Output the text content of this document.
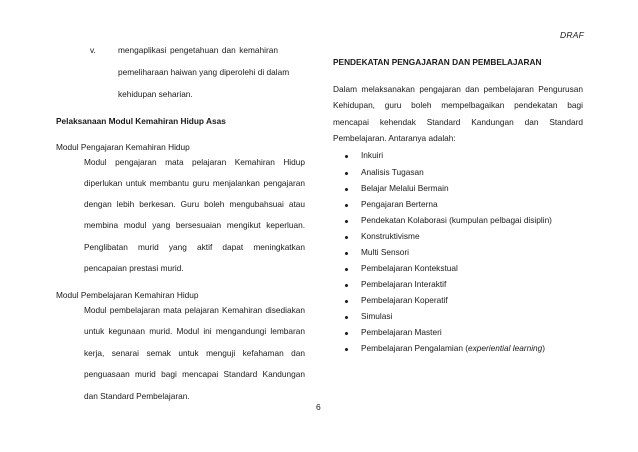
DRAF
v.	mengaplikasi pengetahuan dan kemahiran
pemeliharaan haiwan yang diperolehi di dalam
kehidupan seharian.
Pelaksanaan Modul Kemahiran Hidup Asas
Modul Pengajaran Kemahiran Hidup
Modul pengajaran mata pelajaran Kemahiran Hidup
diperlukan untuk membantu guru menjalankan pengajaran
dengan lebih berkesan. Guru boleh mengubahsuai atau
membina modul yang bersesuaian mengikut keperluan.
Penglibatan murid yang aktif dapat meningkatkan
pencapaian prestasi murid.
Modul Pembelajaran Kemahiran Hidup
Modul pembelajaran mata pelajaran Kemahiran disediakan
untuk kegunaan murid. Modul ini mengandungi lembaran
kerja, senarai semak untuk menguji kefahaman dan
penguasaan murid bagi mencapai Standard Kandungan
dan Standard Pembelajaran.
PENDEKATAN PENGAJARAN DAN PEMBELAJARAN
Dalam melaksanakan pengajaran dan pembelajaran Pengurusan
Kehidupan, guru boleh mempelbagaikan pendekatan bagi
mencapai kehendak Standard Kandungan dan Standard
Pembelajaran. Antaranya adalah:
Inkuiri
Analisis Tugasan
Belajar Melalui Bermain
Pengajaran Berterna
Pendekatan Kolaborasi (kumpulan pelbagai disiplin)
Konstruktivisme
Multi Sensori
Pembelajaran Kontekstual
Pembelajaran Interaktif
Pembelajaran Koperatif
Simulasi
Pembelajaran Masteri
Pembelajaran Pengalamian (experiential learning)
6
